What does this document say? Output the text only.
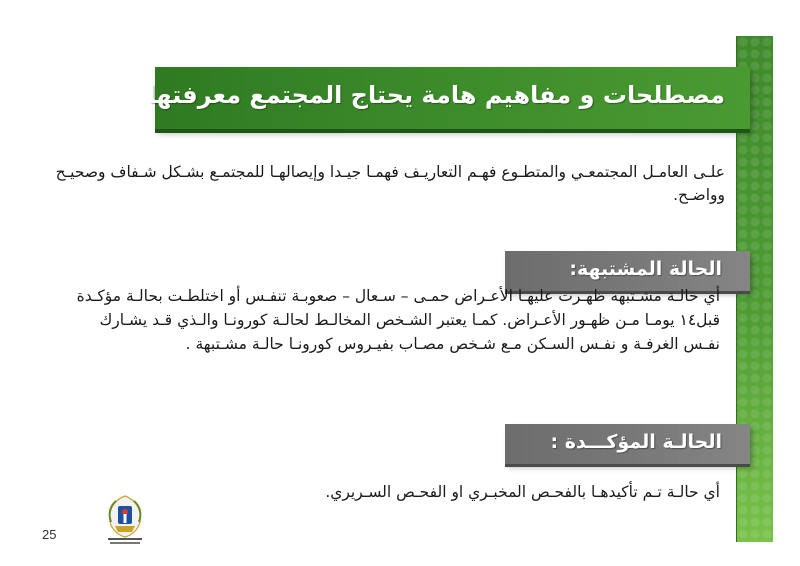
مصطلحات و مفاهيم هامة يحتاج المجتمع معرفتها

علـى العامـل المجتمعـي والمتطـوع فهـم التعاريـف فهمـا جيـدا وإيصالهـا للمجتمـع بشـكل شـفاف وصحيـح وواضـح.

الحالة المشتبهة:

أي حالـة مشـتبهه ظهـرت عليهـا الأعـراض حمـى – سـعال – صعوبـة تنفـس أو اختلطـت بحالـة مؤكـدة قبل١٤ يومـا مـن ظهـور الأعـراض. كمـا يعتبر الشـخص المخالـط لحالـة كورونـا والـذي قـد يشـارك نفـس الغرفـة و نفـس السـكن مـع شـخص مصـاب بفيـروس كورونـا حالـة مشـتبهة .

الحالـة المؤكـــدة :

أي حالـة تـم تأكيدهـا بالفحـص المخبـري او الفحـص السـريري.

25
